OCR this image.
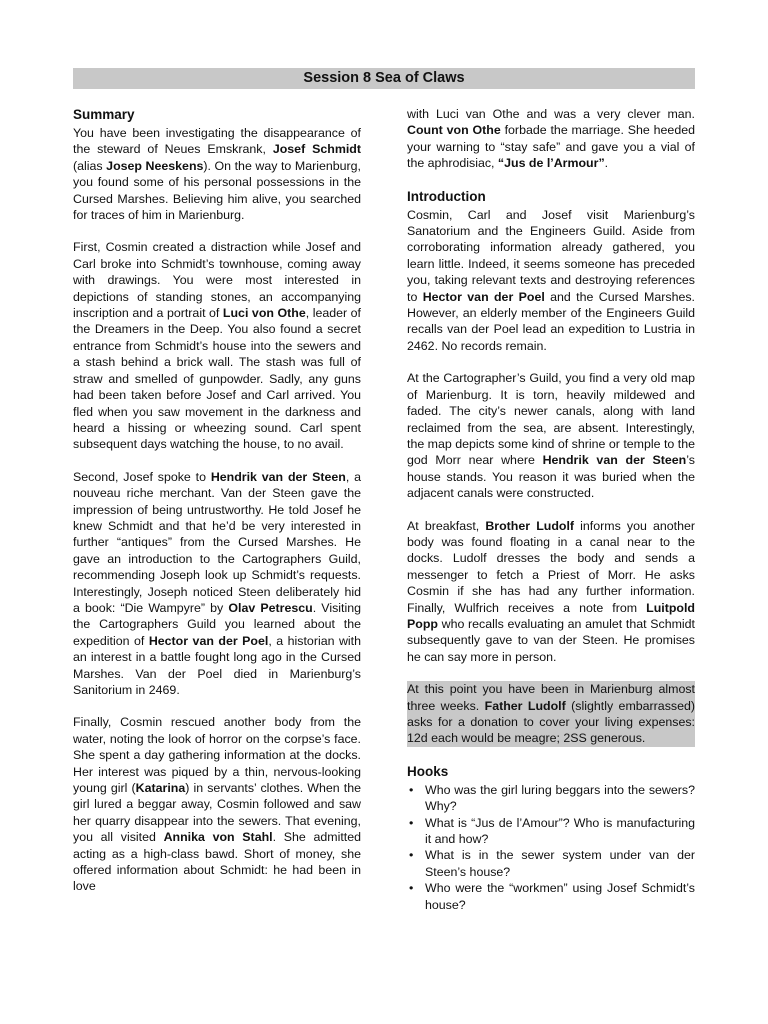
Session 8 Sea of Claws
Summary

You have been investigating the disappearance of the steward of Neues Emskrank, Josef Schmidt (alias Josep Neeskens). On the way to Marienburg, you found some of his personal possessions in the Cursed Marshes. Believing him alive, you searched for traces of him in Marienburg.

First, Cosmin created a distraction while Josef and Carl broke into Schmidt’s townhouse, coming away with drawings. You were most interested in depictions of standing stones, an accompanying inscription and a portrait of Luci von Othe, leader of the Dreamers in the Deep. You also found a secret entrance from Schmidt’s house into the sewers and a stash behind a brick wall. The stash was full of straw and smelled of gunpowder. Sadly, any guns had been taken before Josef and Carl arrived. You fled when you saw movement in the darkness and heard a hissing or wheezing sound. Carl spent subsequent days watching the house, to no avail.

Second, Josef spoke to Hendrik van der Steen, a nouveau riche merchant. Van der Steen gave the impression of being untrustworthy. He told Josef he knew Schmidt and that he’d be very interested in further “antiques” from the Cursed Marshes. He gave an introduction to the Cartographers Guild, recommending Joseph look up Schmidt’s requests. Interestingly, Joseph noticed Steen deliberately hid a book: “Die Wampyre” by Olav Petrescu. Visiting the Cartographers Guild you learned about the expedition of Hector van der Poel, a historian with an interest in a battle fought long ago in the Cursed Marshes. Van der Poel died in Marienburg’s Sanitorium in 2469.

Finally, Cosmin rescued another body from the water, noting the look of horror on the corpse’s face. She spent a day gathering information at the docks. Her interest was piqued by a thin, nervous-looking young girl (Katarina) in servants’ clothes. When the girl lured a beggar away, Cosmin followed and saw her quarry disappear into the sewers. That evening, you all visited Annika von Stahl. She admitted acting as a high-class bawd. Short of money, she offered information about Schmidt: he had been in love

with Luci van Othe and was a very clever man. Count von Othe forbade the marriage. She heeded your warning to “stay safe” and gave you a vial of the aphrodisiac, “Jus de l’Armour”.

Introduction

Cosmin, Carl and Josef visit Marienburg’s Sanatorium and the Engineers Guild. Aside from corroborating information already gathered, you learn little. Indeed, it seems someone has preceded you, taking relevant texts and destroying references to Hector van der Poel and the Cursed Marshes. However, an elderly member of the Engineers Guild recalls van der Poel lead an expedition to Lustria in 2462. No records remain.

At the Cartographer’s Guild, you find a very old map of Marienburg. It is torn, heavily mildewed and faded. The city’s newer canals, along with land reclaimed from the sea, are absent. Interestingly, the map depicts some kind of shrine or temple to the god Morr near where Hendrik van der Steen’s house stands. You reason it was buried when the adjacent canals were constructed.

At breakfast, Brother Ludolf informs you another body was found floating in a canal near to the docks. Ludolf dresses the body and sends a messenger to fetch a Priest of Morr. He asks Cosmin if she has had any further information. Finally, Wulfrich receives a note from Luitpold Popp who recalls evaluating an amulet that Schmidt subsequently gave to van der Steen. He promises he can say more in person.

At this point you have been in Marienburg almost three weeks. Father Ludolf (slightly embarrassed) asks for a donation to cover your living expenses: 12d each would be meagre; 2SS generous.

Hooks
• Who was the girl luring beggars into the sewers? Why?
• What is “Jus de l’Amour”? Who is manufacturing it and how?
• What is in the sewer system under van der Steen’s house?
• Who were the “workmen” using Josef Schmidt’s house?
